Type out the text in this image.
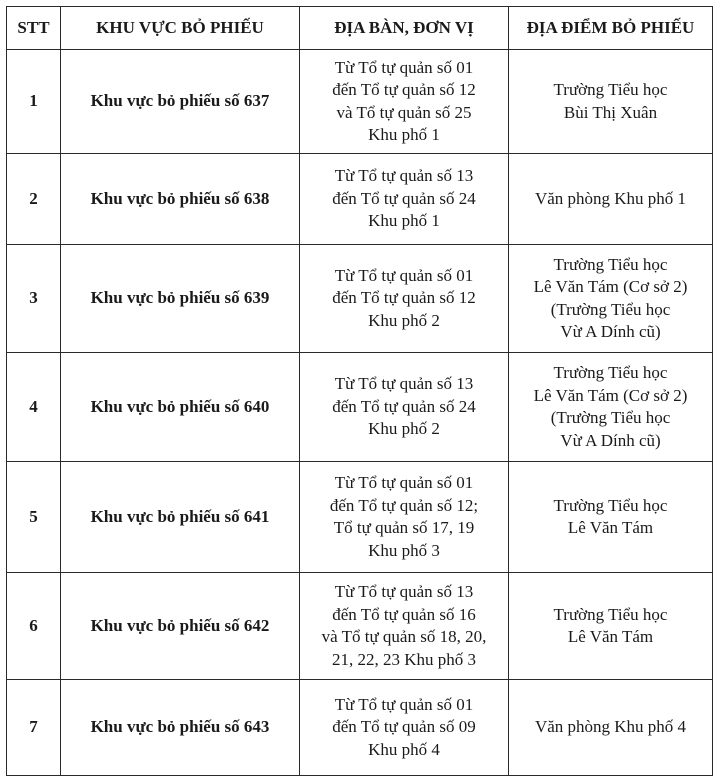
STT	KHU VỰC BỎ PHIẾU	ĐỊA BÀN, ĐƠN VỊ	ĐỊA ĐIỂM BỎ PHIẾU
1	Khu vực bỏ phiếu số 637	Từ Tổ tự quản số 01
đến Tổ tự quản số 12
và Tổ tự quản số 25
Khu phố 1	Trường Tiểu học
Bùi Thị Xuân

2	Khu vực bỏ phiếu số 638	Từ Tổ tự quản số 13
đến Tổ tự quản số 24
Khu phố 1	Văn phòng Khu phố 1

3	Khu vực bỏ phiếu số 639	Từ Tổ tự quản số 01
đến Tổ tự quản số 12
Khu phố 2	Trường Tiểu học
Lê Văn Tám (Cơ sở 2)
(Trường Tiểu học
Vừ A Dính cũ)

4	Khu vực bỏ phiếu số 640	Từ Tổ tự quản số 13
đến Tổ tự quản số 24
Khu phố 2	Trường Tiểu học
Lê Văn Tám (Cơ sở 2)
(Trường Tiểu học
Vừ A Dính cũ)

5	Khu vực bỏ phiếu số 641	Từ Tổ tự quản số 01
đến Tổ tự quản số 12;
Tổ tự quản số 17, 19
Khu phố 3	Trường Tiểu học
Lê Văn Tám

6	Khu vực bỏ phiếu số 642	Từ Tổ tự quản số 13
đến Tổ tự quản số 16
và Tổ tự quản số 18, 20,
21, 22, 23 Khu phố 3	Trường Tiểu học
Lê Văn Tám

7	Khu vực bỏ phiếu số 643	Từ Tổ tự quản số 01
đến Tổ tự quản số 09
Khu phố 4	Văn phòng Khu phố 4
